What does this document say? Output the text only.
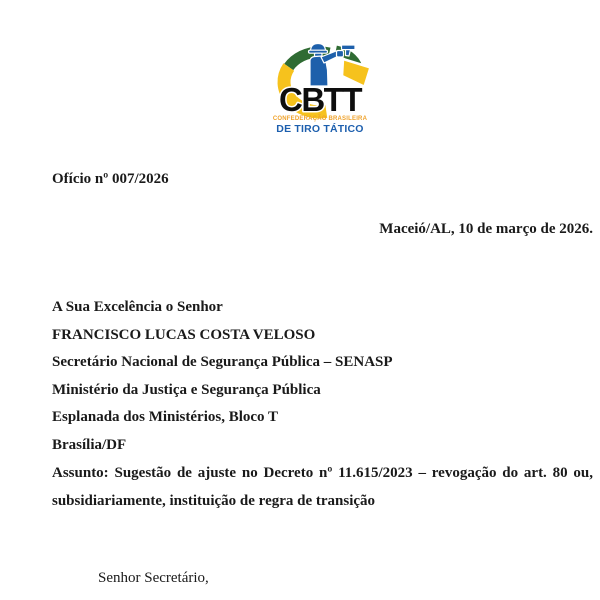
CBTT
CONFEDERAÇÃO BRASILEIRA
DE TIRO TÁTICO
Ofício nº 007/2026
Maceió/AL, 10 de março de 2026.
A Sua Excelência o Senhor
FRANCISCO LUCAS COSTA VELOSO
Secretário Nacional de Segurança Pública – SENASP
Ministério da Justiça e Segurança Pública
Esplanada dos Ministérios, Bloco T
Brasília/DF
Assunto: Sugestão de ajuste no Decreto nº 11.615/2023 – revogação do art. 80 ou,
subsidiariamente, instituição de regra de transição
Senhor Secretário,
